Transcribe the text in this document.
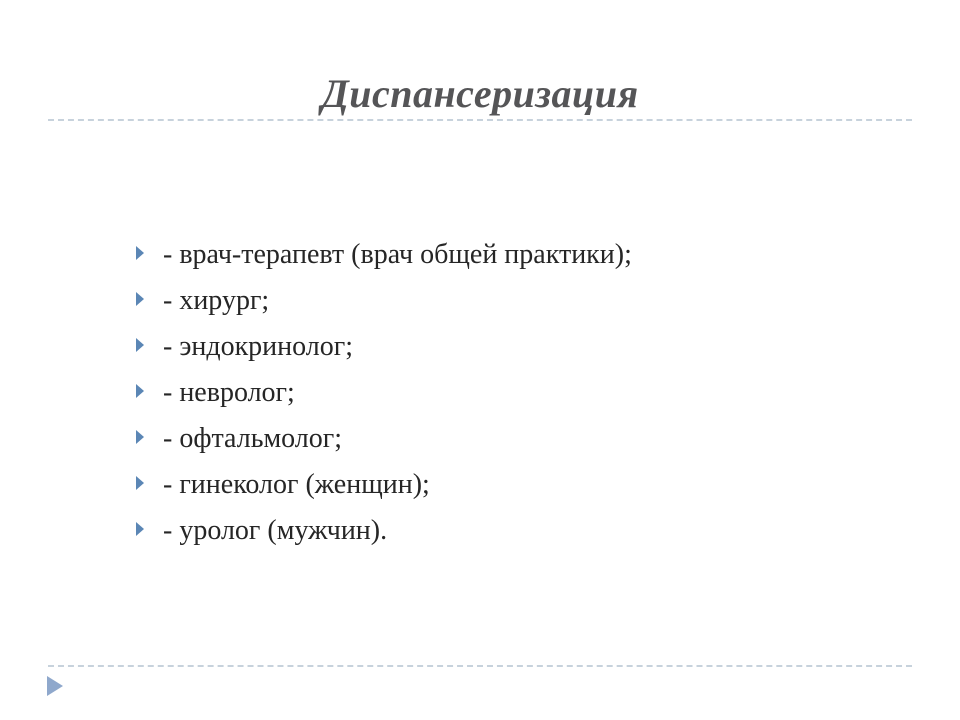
Диспансеризация
- врач-терапевт (врач общей практики);
- хирург;
- эндокринолог;
- невролог;
- офтальмолог;
- гинеколог (женщин);
- уролог (мужчин).
